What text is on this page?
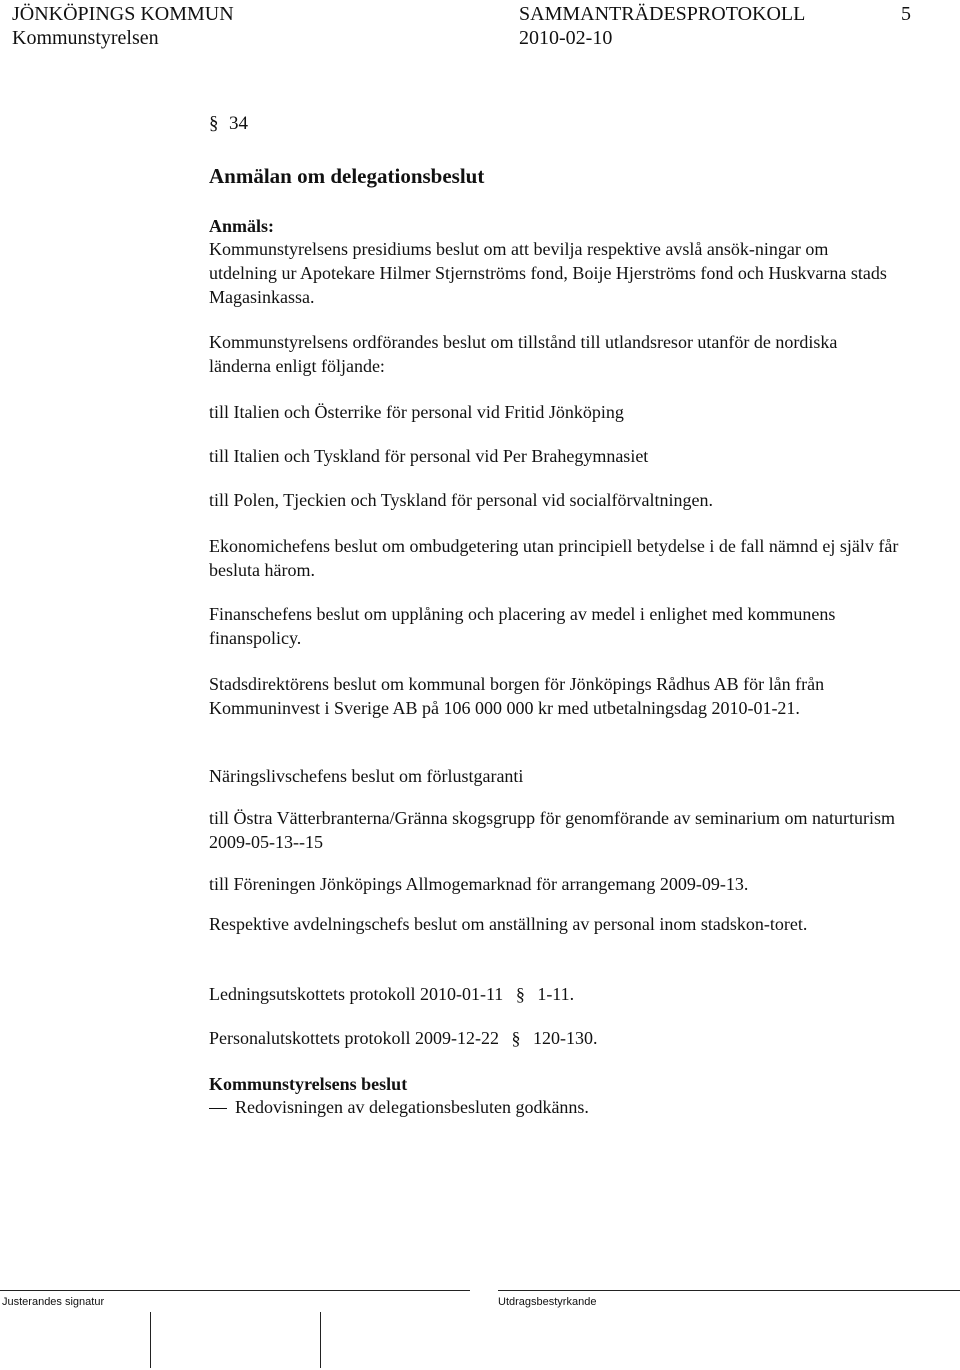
JÖNKÖPINGS KOMMUN	SAMMANTRÄDESPROTOKOLL	5
Kommunstyrelsen	2010-02-10
§ 34
Anmälan om delegationsbeslut
Anmäls:

Kommunstyrelsens presidiums beslut om att bevilja respektive avslå ansök-ningar om utdelning ur Apotekare Hilmer Stjernströms fond, Boije Hjerströms fond och Huskvarna stads Magasinkassa.

Kommunstyrelsens ordförandes beslut om tillstånd till utlandsresor utanför de nordiska länderna enligt följande:

till Italien och Österrike för personal vid Fritid Jönköping

till Italien och Tyskland för personal vid Per Brahegymnasiet

till Polen, Tjeckien och Tyskland för personal vid socialförvaltningen.

Ekonomichefens beslut om ombudgetering utan principiell betydelse i de fall nämnd ej själv får besluta härom.

Finanschefens beslut om upplåning och placering av medel i enlighet med kommunens finanspolicy.

Stadsdirektörens beslut om kommunal borgen för Jönköpings Rådhus AB för lån från Kommuninvest i Sverige AB på 106 000 000 kr med utbetalningsdag 2010-01-21.

Näringslivschefens beslut om förlustgaranti

till Östra Vätterbranterna/Gränna skogsgrupp för genomförande av seminarium om naturturism 2009-05-13--15

till Föreningen Jönköpings Allmogemarknad för arrangemang 2009-09-13.

Respektive avdelningschefs beslut om anställning av personal inom stadskon-toret.

Ledningsutskottets protokoll 2010-01-11 § 1-11.
Personalutskottets protokoll 2009-12-22 § 120-130.
Kommunstyrelsens beslut
Redovisningen av delegationsbesluten godkänns.
Justerandes signatur	Utdragsbestyrkande
